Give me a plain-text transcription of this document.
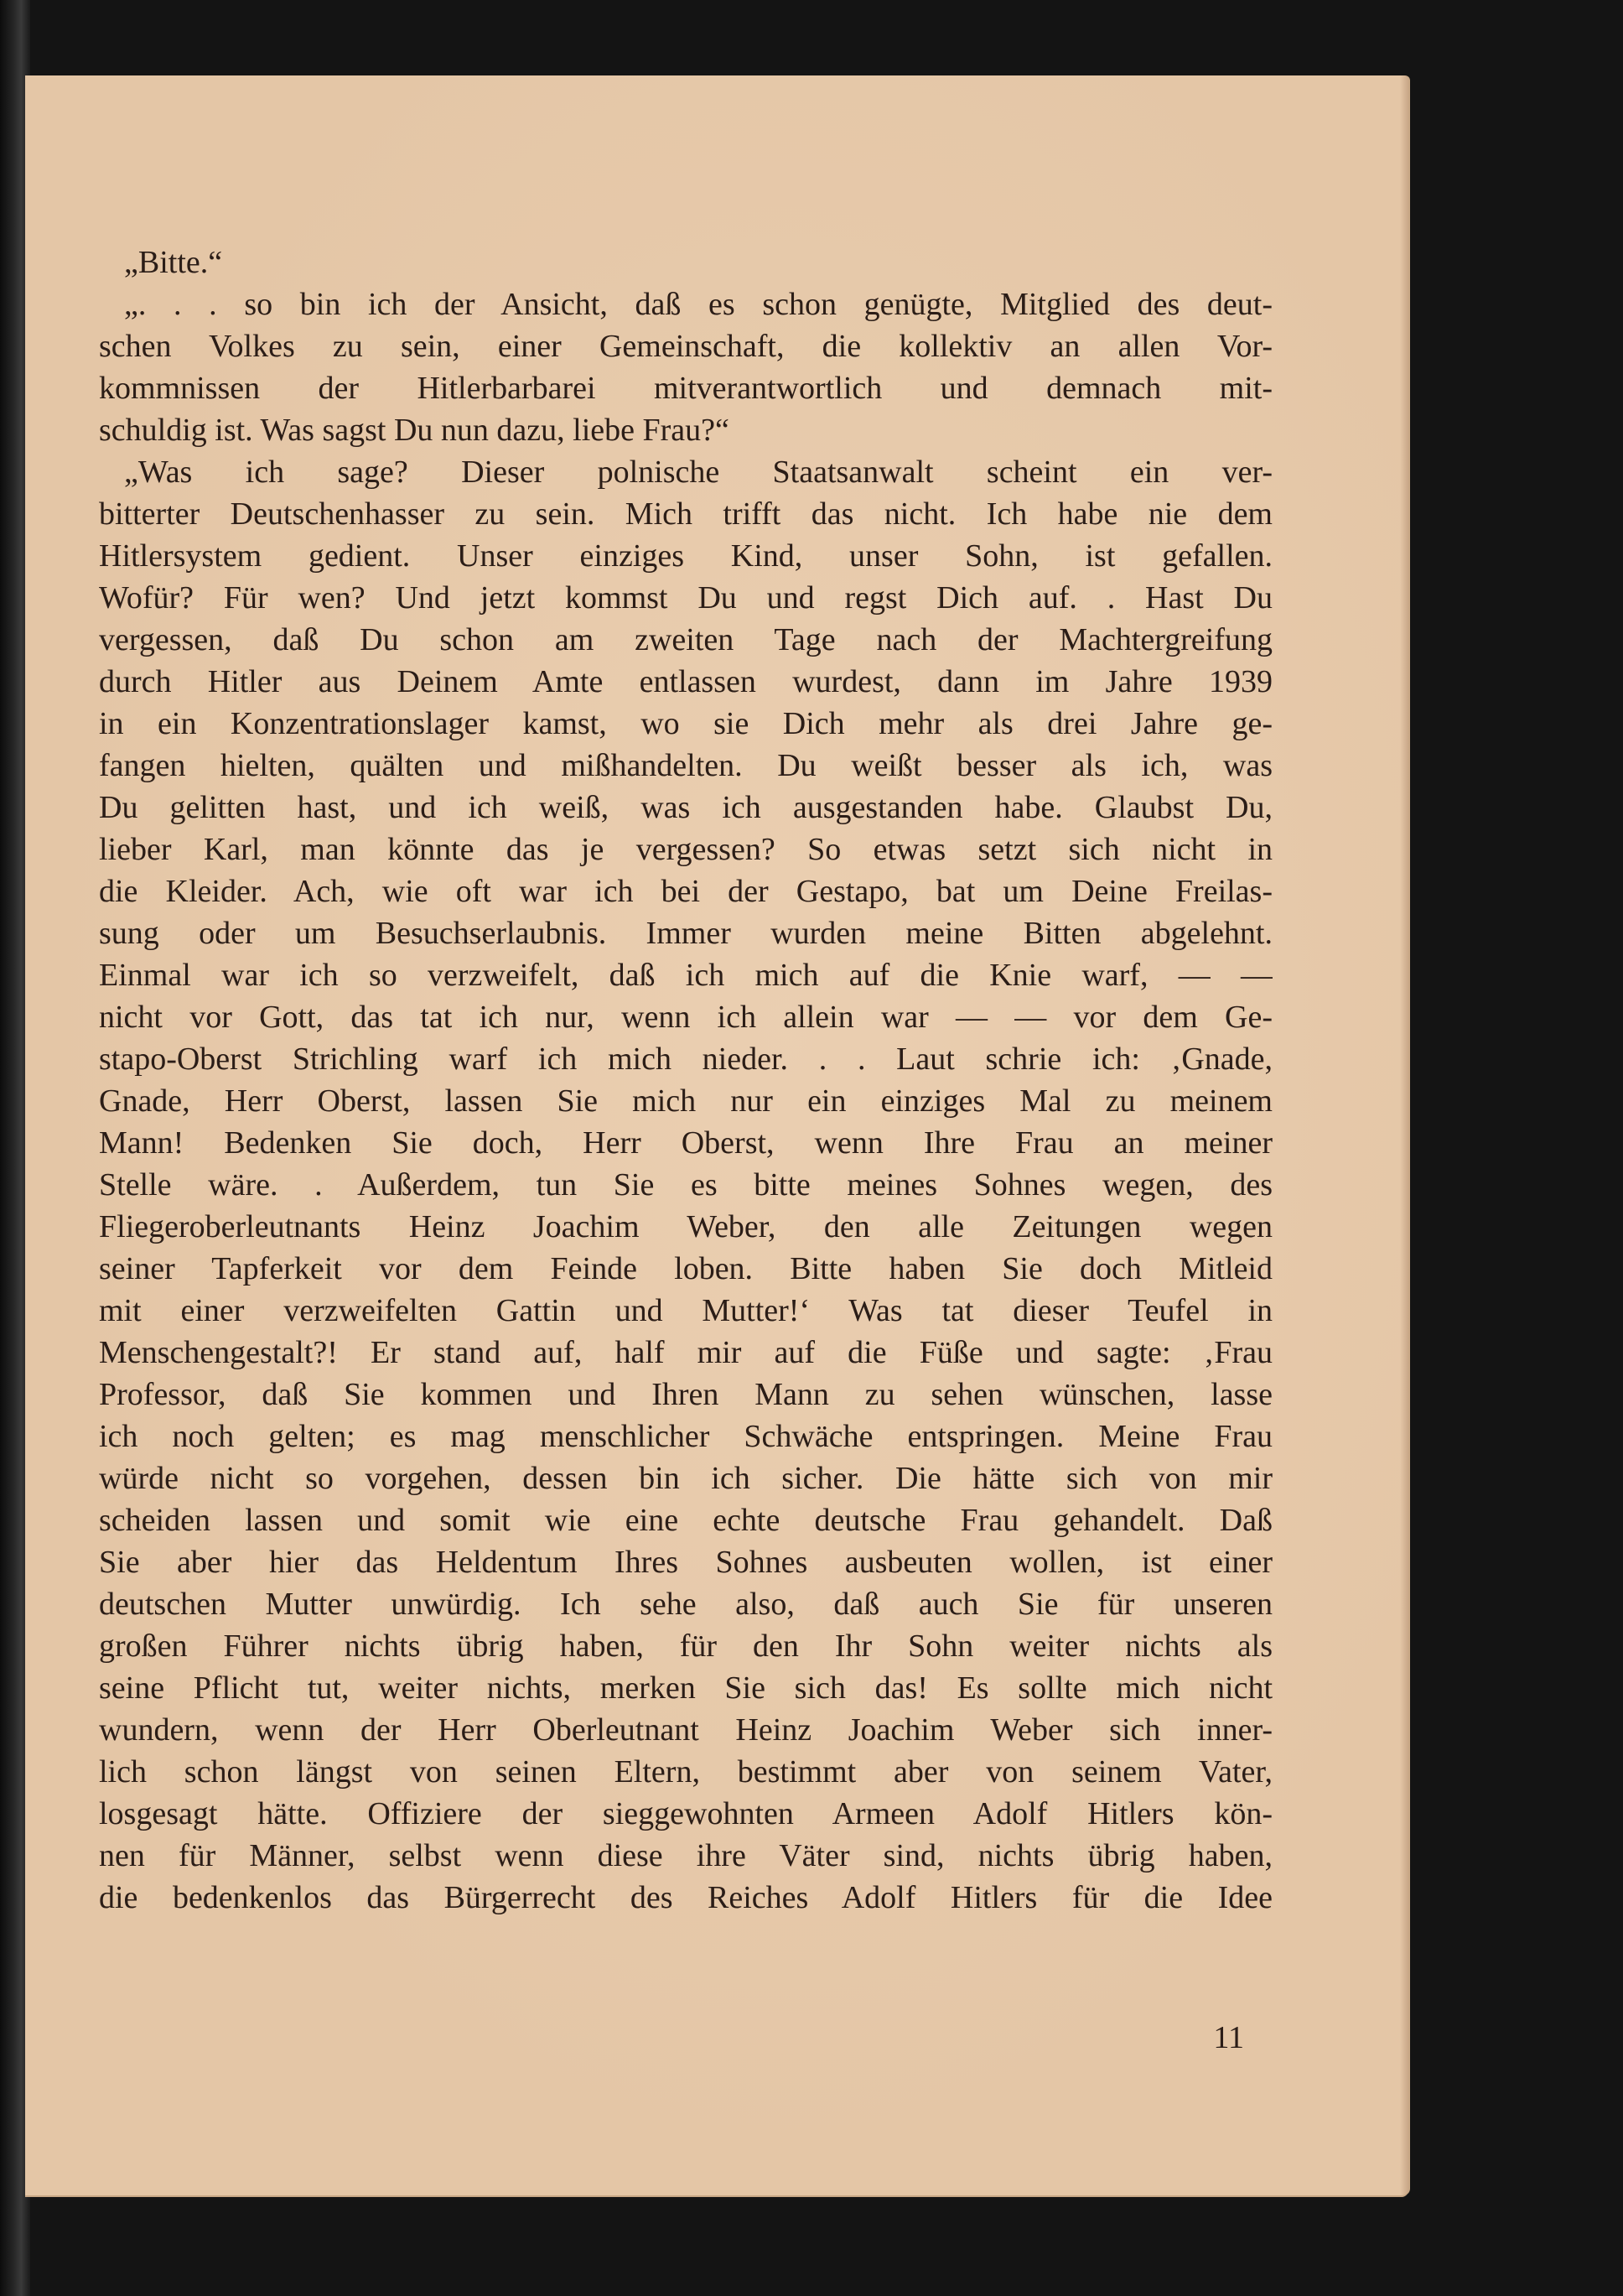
„Bitte.“
„. . . so bin ich der Ansicht, daß es schon genügte, Mitglied des deut-
schen Volkes zu sein, einer Gemeinschaft, die kollektiv an allen Vor-
kommnissen der Hitlerbarbarei mitverantwortlich und demnach mit-
schuldig ist. Was sagst Du nun dazu, liebe Frau?“
„Was ich sage? Dieser polnische Staatsanwalt scheint ein ver-
bitterter Deutschenhasser zu sein. Mich trifft das nicht. Ich habe nie dem
Hitlersystem gedient. Unser einziges Kind, unser Sohn, ist gefallen.
Wofür? Für wen? Und jetzt kommst Du und regst Dich auf. . Hast Du
vergessen, daß Du schon am zweiten Tage nach der Machtergreifung
durch Hitler aus Deinem Amte entlassen wurdest, dann im Jahre 1939
in ein Konzentrationslager kamst, wo sie Dich mehr als drei Jahre ge-
fangen hielten, quälten und mißhandelten. Du weißt besser als ich, was
Du gelitten hast, und ich weiß, was ich ausgestanden habe. Glaubst Du,
lieber Karl, man könnte das je vergessen? So etwas setzt sich nicht in
die Kleider. Ach, wie oft war ich bei der Gestapo, bat um Deine Freilas-
sung oder um Besuchserlaubnis. Immer wurden meine Bitten abgelehnt.
Einmal war ich so verzweifelt, daß ich mich auf die Knie warf, — —
nicht vor Gott, das tat ich nur, wenn ich allein war — — vor dem Ge-
stapo-Oberst Strichling warf ich mich nieder. . . Laut schrie ich: ‚Gnade,
Gnade, Herr Oberst, lassen Sie mich nur ein einziges Mal zu meinem
Mann! Bedenken Sie doch, Herr Oberst, wenn Ihre Frau an meiner
Stelle wäre. . Außerdem, tun Sie es bitte meines Sohnes wegen, des
Fliegeroberleutnants Heinz Joachim Weber, den alle Zeitungen wegen
seiner Tapferkeit vor dem Feinde loben. Bitte haben Sie doch Mitleid
mit einer verzweifelten Gattin und Mutter!‘ Was tat dieser Teufel in
Menschengestalt?! Er stand auf, half mir auf die Füße und sagte: ‚Frau
Professor, daß Sie kommen und Ihren Mann zu sehen wünschen, lasse
ich noch gelten; es mag menschlicher Schwäche entspringen. Meine Frau
würde nicht so vorgehen, dessen bin ich sicher. Die hätte sich von mir
scheiden lassen und somit wie eine echte deutsche Frau gehandelt. Daß
Sie aber hier das Heldentum Ihres Sohnes ausbeuten wollen, ist einer
deutschen Mutter unwürdig. Ich sehe also, daß auch Sie für unseren
großen Führer nichts übrig haben, für den Ihr Sohn weiter nichts als
seine Pflicht tut, weiter nichts, merken Sie sich das! Es sollte mich nicht
wundern, wenn der Herr Oberleutnant Heinz Joachim Weber sich inner-
lich schon längst von seinen Eltern, bestimmt aber von seinem Vater,
losgesagt hätte. Offiziere der sieggewohnten Armeen Adolf Hitlers kön-
nen für Männer, selbst wenn diese ihre Väter sind, nichts übrig haben,
die bedenkenlos das Bürgerrecht des Reiches Adolf Hitlers für die Idee
11
